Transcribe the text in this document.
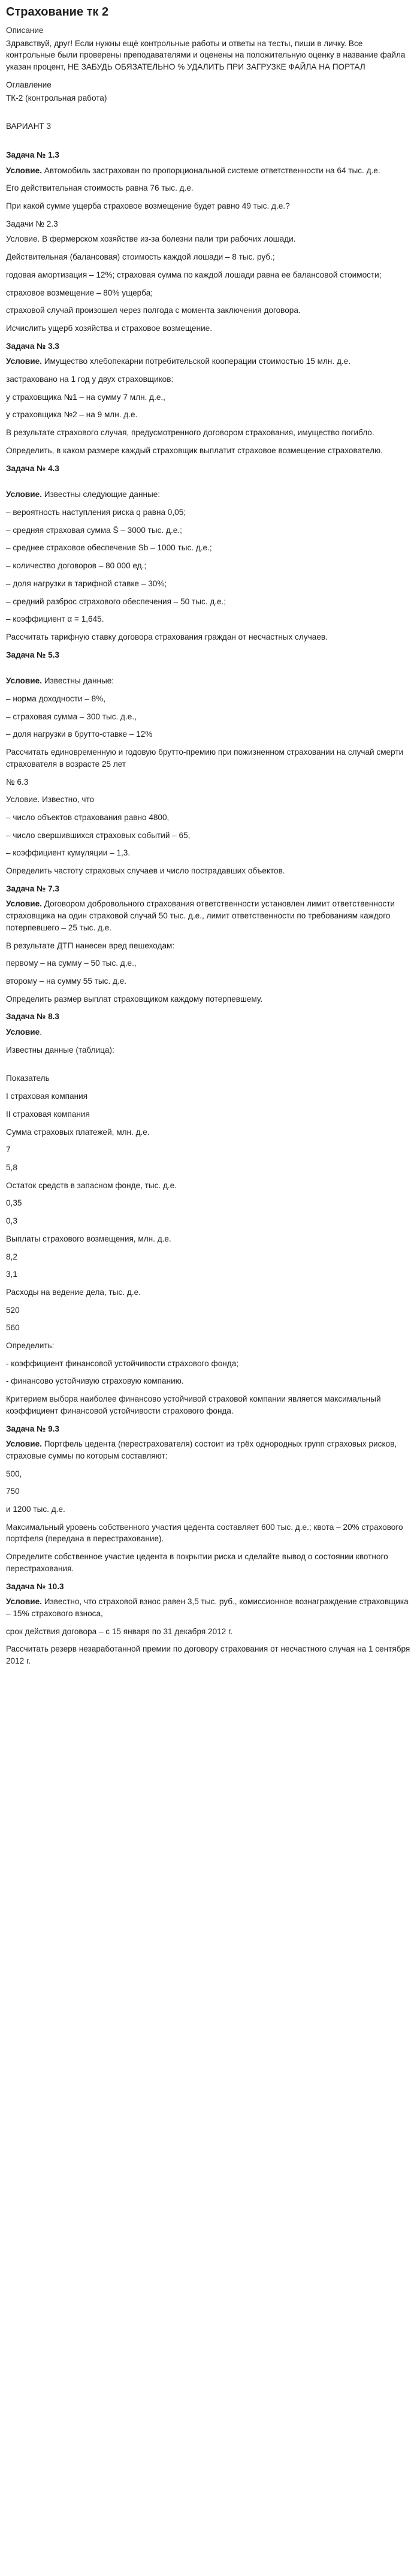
Страхование тк 2
Описание

Здравствуй, друг! Если нужны ещё контрольные работы и ответы на тесты, пиши в личку. Все контрольные были проверены преподавателями и оценены на положительную оценку в название файла указан процент, НЕ ЗАБУДЬ ОБЯЗАТЕЛЬНО % УДАЛИТЬ ПРИ ЗАГРУЗКЕ ФАЙЛА НА ПОРТАЛ

Оглавление

ТК-2 (контрольная работа)

ВАРИАНТ 3

Задача № 1.3

Условие. Автомобиль застрахован по пропорциональной системе ответственности на 64 тыс. д.е.

Его действительная стоимость равна 76 тыс. д.е.

При какой сумме ущерба страховое возмещение будет равно 49 тыс. д.е.?

Задачи № 2.3

Условие. В фермерском хозяйстве из-за болезни пали три рабочих лошади.

Действительная (балансовая) стоимость каждой лошади – 8 тыс. руб.;

годовая амортизация – 12%; страховая сумма по каждой лошади равна ее балансовой стоимости;

страховое возмещение – 80% ущерба;

страховой случай произошел через полгода с момента заключения договора.

Исчислить ущерб хозяйства и страховое возмещение.

Задача № 3.3

Условие. Имущество хлебопекарни потребительской кооперации стоимостью 15 млн. д.е.

застраховано на 1 год у двух страховщиков:

у страховщика №1 – на сумму 7 млн. д.е.,

у страховщика №2 – на 9 млн. д.е.

В результате страхового случая, предусмотренного договором страхования, имущество погибло.

Определить, в каком размере каждый страховщик выплатит страховое возмещение страхователю.

Задача № 4.3

Условие. Известны следующие данные:

– вероятность наступления риска q равна 0,05;

– средняя страховая сумма S̄ – 3000 тыс. д.е.;

– среднее страховое обеспечение Sb – 1000 тыс. д.е.;

– количество договоров – 80 000 ед.;

– доля нагрузки в тарифной ставке – 30%;

– средний разброс страхового обеспечения – 50 тыс. д.е.;

– коэффициент α = 1,645.

Рассчитать тарифную ставку договора страхования граждан от несчастных случаев.

Задача № 5.3

Условие. Известны данные:

– норма доходности – 8%,

– страховая сумма – 300 тыс. д.е.,

– доля нагрузки в брутто-ставке – 12%

Рассчитать единовременную и годовую брутто-премию при пожизненном страховании на случай смерти страхователя в возрасте 25 лет

№ 6.3

Условие. Известно, что

– число объектов страхования равно 4800,

– число свершившихся страховых событий – 65,

– коэффициент кумуляции – 1,3.

Определить частоту страховых случаев и число пострадавших объектов.

Задача № 7.3

Условие. Договором добровольного страхования ответственности установлен лимит ответственности страховщика на один страховой случай 50 тыс. д.е., лимит ответственности по требованиям каждого потерпевшего – 25 тыс. д.е.

В результате ДТП нанесен вред пешеходам:

первому – на сумму – 50 тыс. д.е.,

второму – на сумму 55 тыс. д.е.

Определить размер выплат страховщиком каждому потерпевшему.

Задача № 8.3

Условие.

Известны данные (таблица):

Показатель

I страховая компания

II страховая компания

Сумма страховых платежей, млн. д.е.

7

5,8

Остаток средств в запасном фонде, тыс. д.е.

0,35

0,3

Выплаты страхового возмещения, млн. д.е.

8,2

3,1

Расходы на ведение дела, тыс. д.е.

520

560

Определить:

- коэффициент финансовой устойчивости страхового фонда;

- финансово устойчивую страховую компанию.

Критерием выбора наиболее финансово устойчивой страховой компании является максимальный коэффициент финансовой устойчивости страхового фонда.

Задача № 9.3

Условие. Портфель цедента (перестрахователя) состоит из трёх однородных групп страховых рисков, страховые суммы по которым составляют:

500,

750

и 1200 тыс. д.е.

Максимальный уровень собственного участия цедента составляет 600 тыс. д.е.; квота – 20% страхового портфеля (передана в перестрахование).

Определите собственное участие цедента в покрытии риска и сделайте вывод о состоянии квотного перестрахования.

Задача № 10.3

Условие. Известно, что страховой взнос равен 3,5 тыс. руб., комиссионное вознаграждение страховщика – 15% страхового взноса,

срок действия договора – с 15 января по 31 декабря 2012 г.

Рассчитать резерв незаработанной премии по договору страхования от несчастного случая на 1 сентября 2012 г.
